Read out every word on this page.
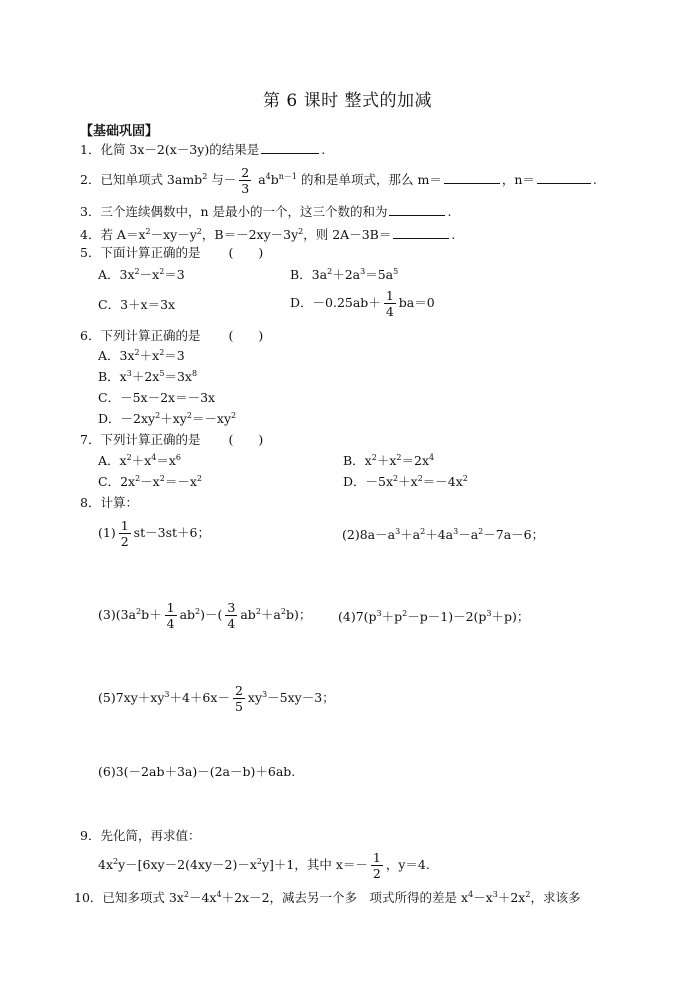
第 6 课时 整式的加减
【基础巩固】
1．化简 3x－2(x－3y)的结果是	.
2．已知单项式 3amb$^2$ 与－ $\frac{2}{3} a^4b^{n-1}$ 的和是单项式，那么 m＝	，n＝	.
3．三个连续偶数中，n 是最小的一个，这三个数的和为	.
4．若 $A=x^2-xy-y^2$，$B=-2xy-3y^2$，则 2A－3B＝	.
5．下面计算正确的是 (　　)
A．$3x^2-x^2=3$	B．$3a^2+2a^3=5a^5$
C．3＋x＝3x	D．$-0.25ab+ \frac{1}{4} ba=0$
6．下列计算正确的是 (　　)
A．$3x^2+x^2=3$
B．$x^3+2x^5=3x^8$
C．－5x－2x＝－3x
D．$-2xy^2+xy^2=-xy^2$
7．下列计算正确的是 (　　)
A．$x^2+x^4=x^6$	B．$x^2+x^2=2x^4$
C．$2x^2-x^2=-x^2$	D．$-5x^2+x^2=-4x^2$
8．计算：
$(1) \frac{1}{2} st-3st+6$；	$(2)8a-a^3+a^2+4a^3-a^2-7a-6$；
$(3)(3a^2b+ \frac{1}{4} ab^2)-( \frac{3}{4} ab^2+a^2b)$； $(4)7(p^3+p^2-p-1)-2(p^3+p)$；
$(5)7xy+xy^3+4+6x- \frac{2}{5} xy^3-5xy-3$；
(6)3(－2ab＋3a)－(2a－b)＋6ab.
9．先化简，再求值：
$4x^2y-[6xy-2(4xy-2)-x^2y]+1$，其中 $x=- \frac{1}{2}$ ，y＝4.
10．已知多项式 $3x^2-4x^4+2x-2$，减去另一个多　项式所得的差是 $x^4-x^3+2x^2$，求该多
